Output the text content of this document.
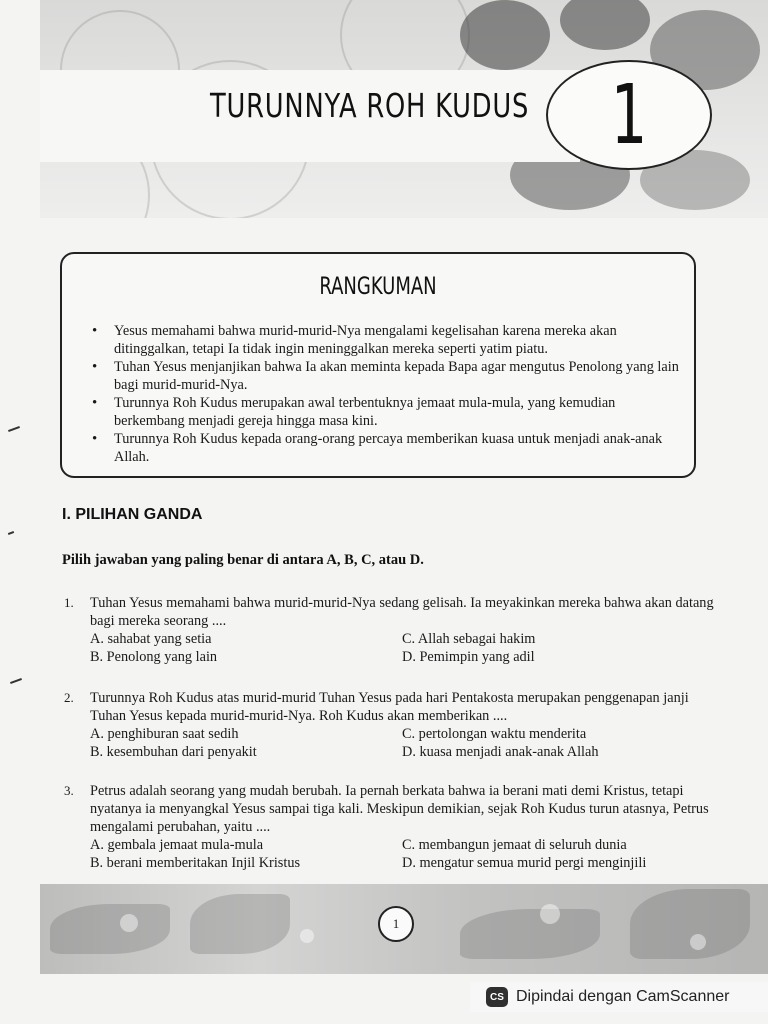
TURUNNYA ROH KUDUS 1
RANGKUMAN
• Yesus memahami bahwa murid-murid-Nya mengalami kegelisahan karena mereka akan ditinggalkan, tetapi Ia tidak ingin meninggalkan mereka seperti yatim piatu.
• Tuhan Yesus menjanjikan bahwa Ia akan meminta kepada Bapa agar mengutus Penolong yang lain bagi murid-murid-Nya.
• Turunnya Roh Kudus merupakan awal terbentuknya jemaat mula-mula, yang kemudian berkembang menjadi gereja hingga masa kini.
• Turunnya Roh Kudus kepada orang-orang percaya memberikan kuasa untuk menjadi anak-anak Allah.
I. PILIHAN GANDA
Pilih jawaban yang paling benar di antara A, B, C, atau D.
1.	Tuhan Yesus memahami bahwa murid-murid-Nya sedang gelisah. Ia meyakinkan mereka bahwa akan datang bagi mereka seorang ....
A. sahabat yang setia	C. Allah sebagai hakim
B. Penolong yang lain	D. Pemimpin yang adil
2.	Turunnya Roh Kudus atas murid-murid Tuhan Yesus pada hari Pentakosta merupakan penggenapan janji Tuhan Yesus kepada murid-murid-Nya. Roh Kudus akan memberikan ....
A. penghiburan saat sedih	C. pertolongan waktu menderita
B. kesembuhan dari penyakit	D. kuasa menjadi anak-anak Allah
3.	Petrus adalah seorang yang mudah berubah. Ia pernah berkata bahwa ia berani mati demi Kristus, tetapi nyatanya ia menyangkal Yesus sampai tiga kali. Meskipun demikian, sejak Roh Kudus turun atasnya, Petrus mengalami perubahan, yaitu ....
A. gembala jemaat mula-mula	C. membangun jemaat di seluruh dunia
B. berani memberitakan Injil Kristus	D. mengatur semua murid pergi menginjili
1
CS Dipindai dengan CamScanner
